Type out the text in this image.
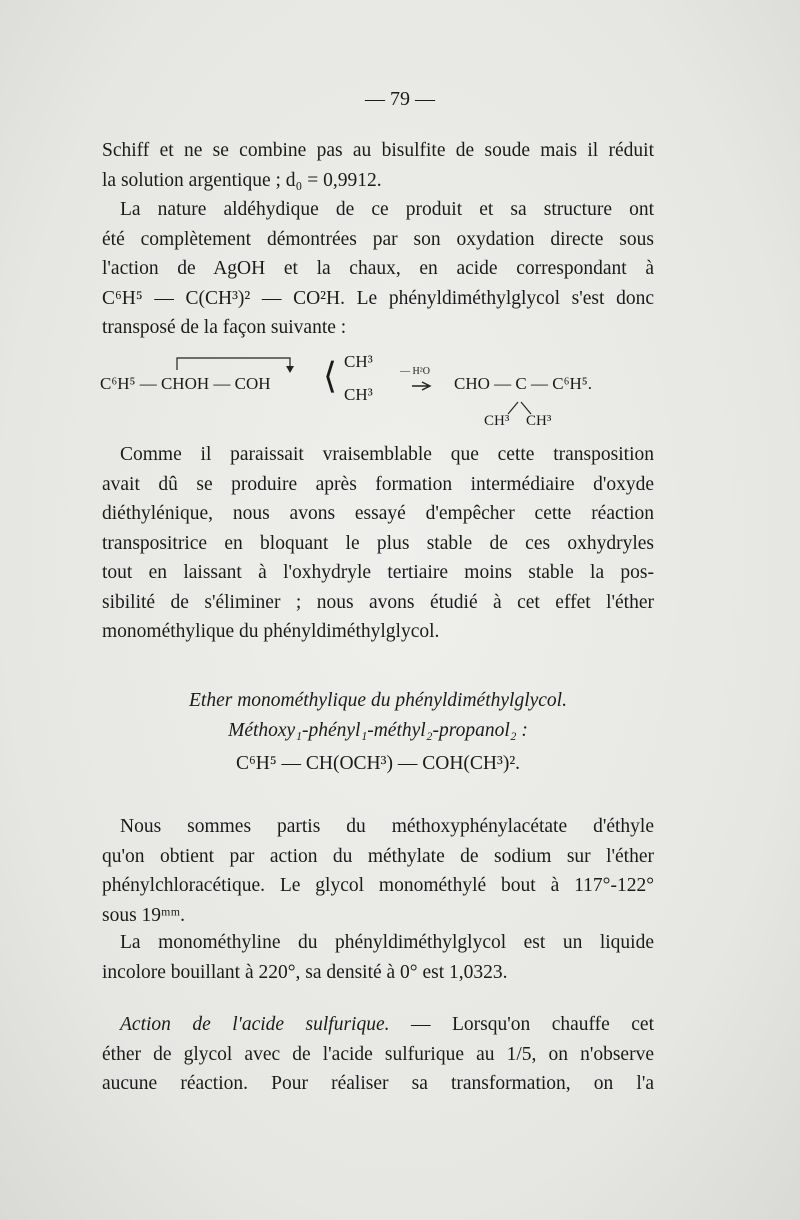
— 79 —
Schiff et ne se combine pas au bisulfite de soude mais il réduit
la solution argentique ; d₀ = 0,9912.
La nature aldéhydique de ce produit et sa structure ont
été complètement démontrées par son oxydation directe sous
l'action de AgOH et la chaux, en acide correspondant à
C⁶H⁵ — C(CH³)² — CO²H. Le phényldiméthylglycol s'est donc
transposé de la façon suivante :
C⁶H⁵ — CHOH — COH ⟨ CH³
CH³
— H²O
CHO — C — C⁶H⁵.
CH³ CH³
Comme il paraissait vraisemblable que cette transposition
avait dû se produire après formation intermédiaire d'oxyde
diéthylénique, nous avons essayé d'empêcher cette réaction
transpositrice en bloquant le plus stable de ces oxhydryles
tout en laissant à l'oxhydryle tertiaire moins stable la pos-
sibilité de s'éliminer ; nous avons étudié à cet effet l'éther
monométhylique du phényldiméthylglycol.
Ether monométhylique du phényldiméthylglycol.
Méthoxy₁-phényl₁-méthyl₂-propanol₂ :
C⁶H⁵ — CH(OCH³) — COH(CH³)².
Nous sommes partis du méthoxyphénylacétate d'éthyle
qu'on obtient par action du méthylate de sodium sur l'éther
phénylchloracétique. Le glycol monométhylé bout à 117°-122°
sous 19ᵐᵐ.
La monométhyline du phényldiméthylglycol est un liquide
incolore bouillant à 220°, sa densité à 0° est 1,0323.
Action de l'acide sulfurique. — Lorsqu'on chauffe cet
éther de glycol avec de l'acide sulfurique au 1/5, on n'observe
aucune réaction. Pour réaliser sa transformation, on l'a
